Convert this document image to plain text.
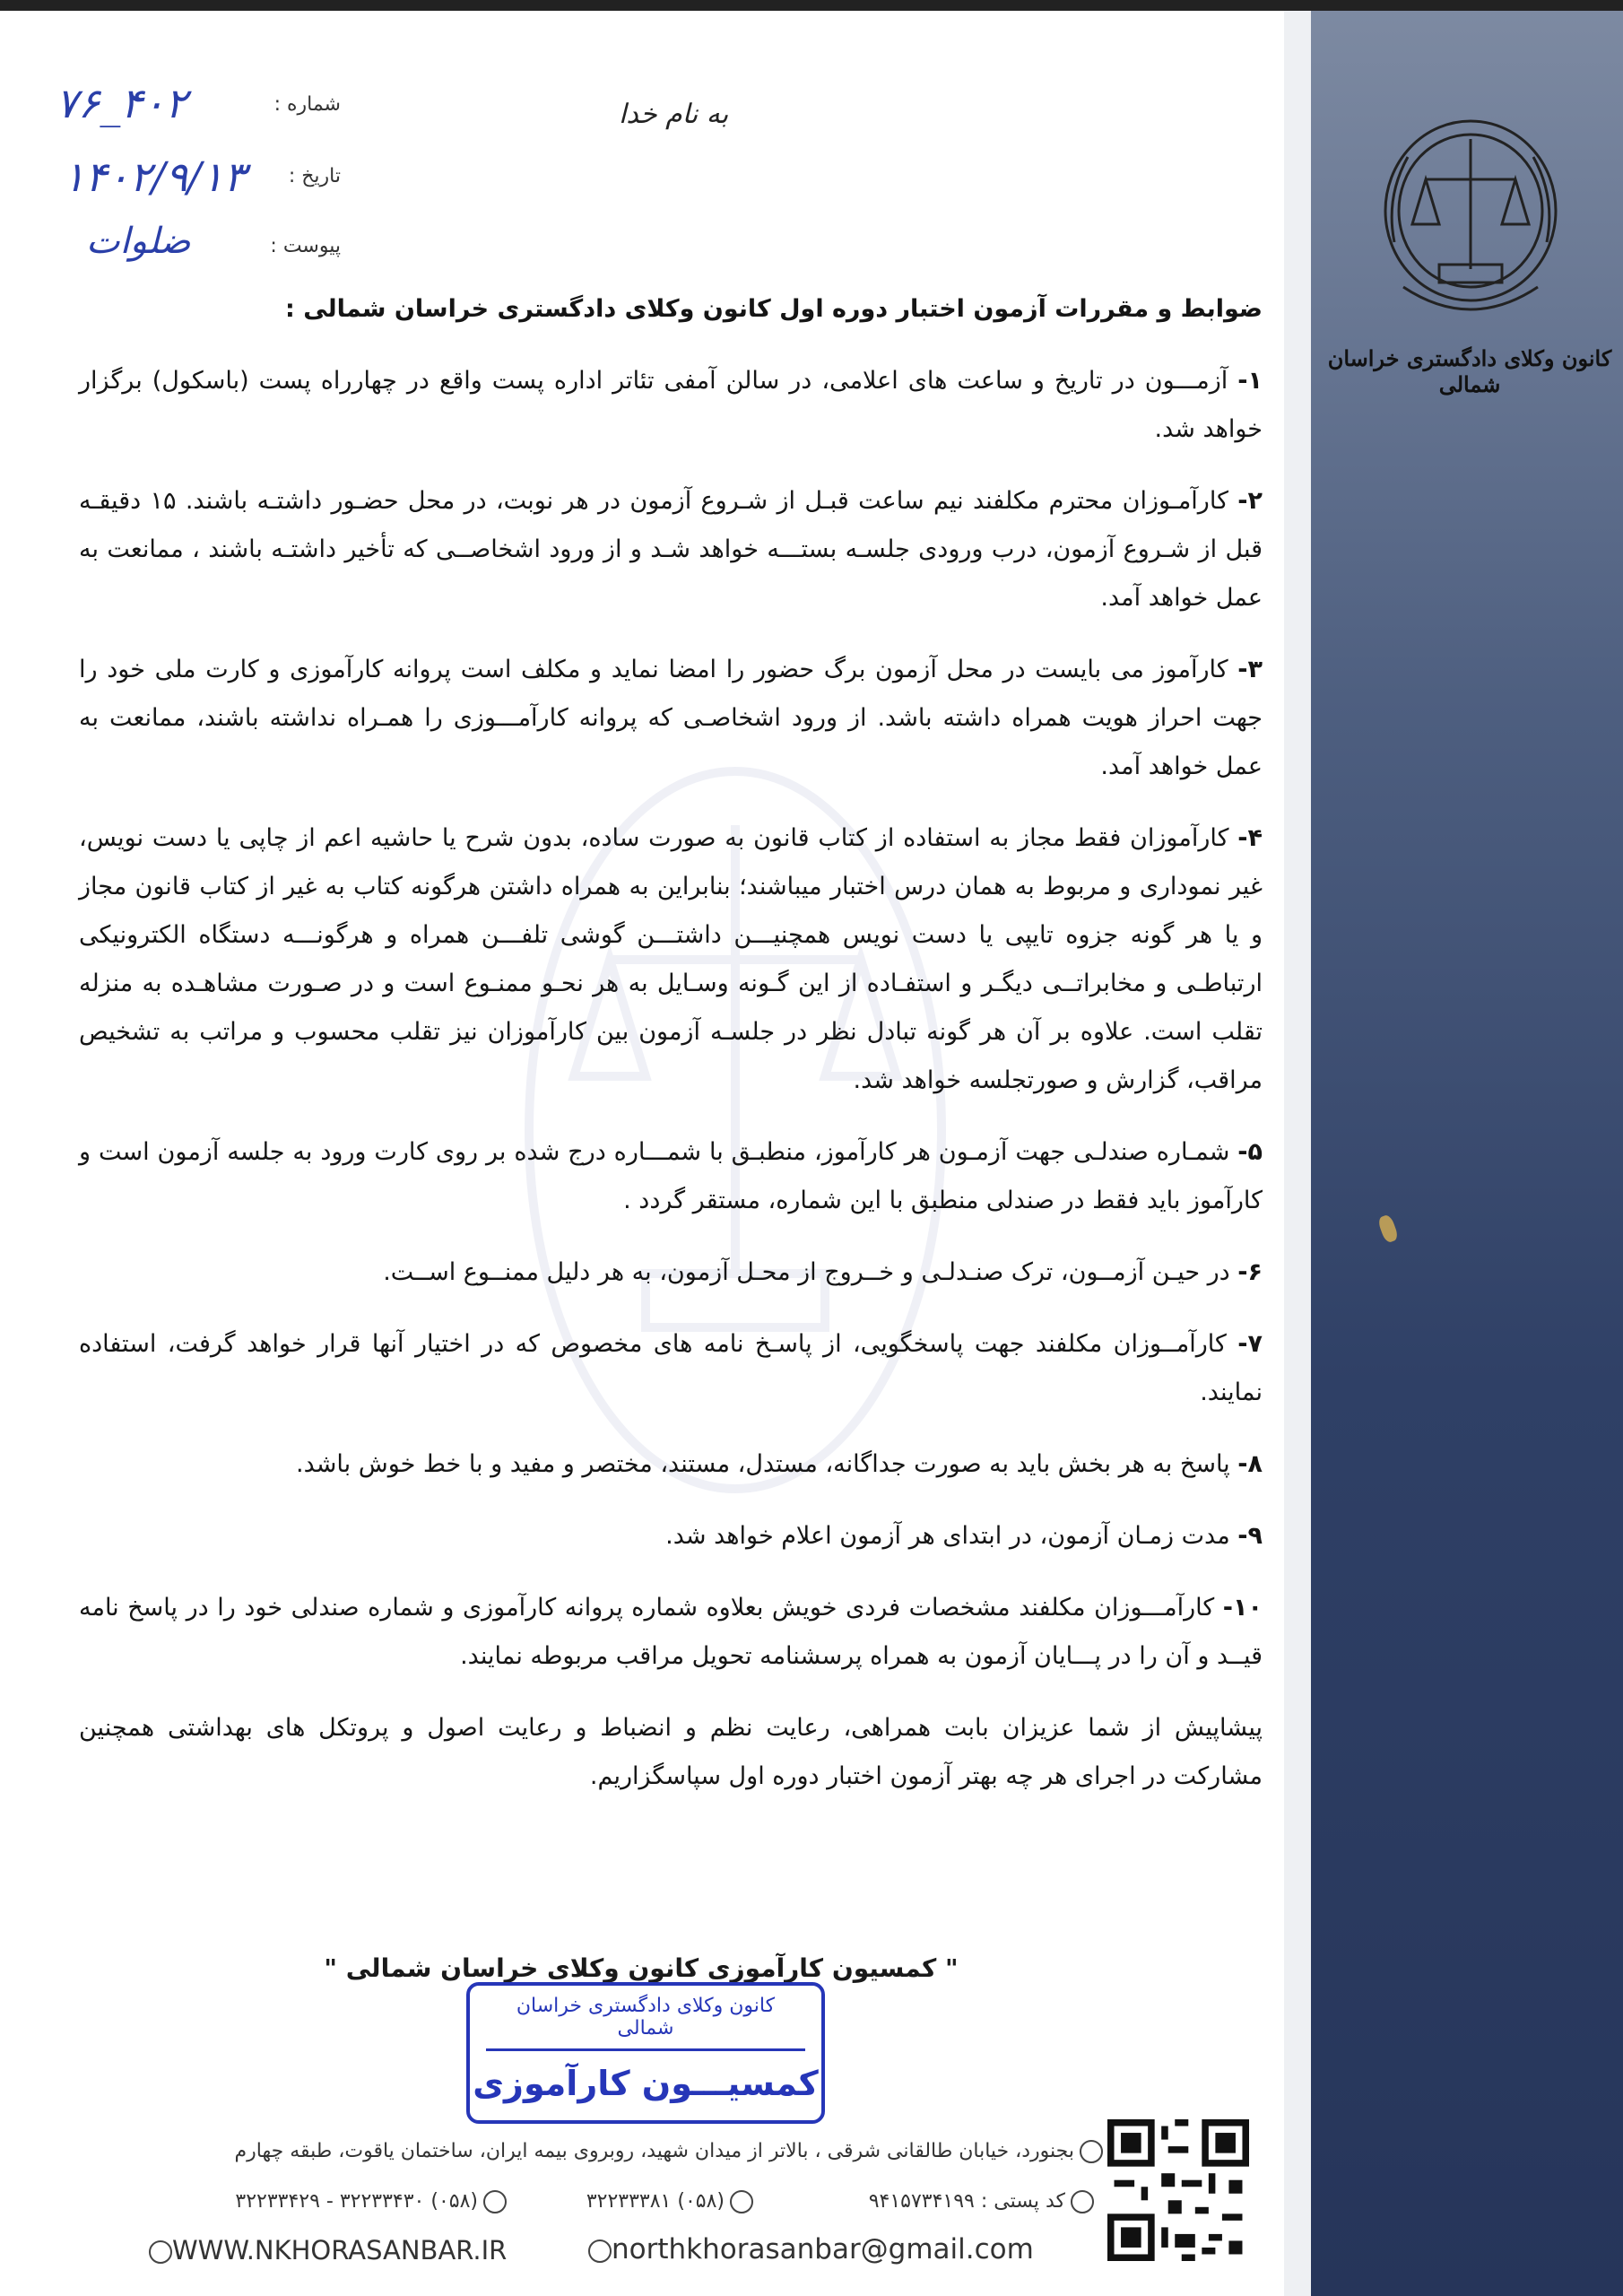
کانون وکلای دادگستری خراسان شمالی
به نام خدا
شماره :
۴۰۲_۷۶
تاریخ :
۱۴۰۲/۹/۱۳
پیوست :
ضلوات
ضوابط و مقررات آزمون اختبار دوره اول کانون وکلای دادگستری خراسان شمالی :

۱- آزمـــون در تاریخ و ساعت های اعلامی، در سالن آمفی تئاتر اداره پست واقع در چهارراه پست (باسکول) برگزار خواهد شد.

۲- کارآمـوزان محترم مکلفند نیم ساعت قبـل از شـروع آزمون در هر نوبت، در محل حضـور داشتـه باشند. ۱۵ دقیقـه قبل از شـروع آزمون، درب ورودی جلسـه بستـــه خواهد شـد و از ورود اشخاصــی که تأخیر داشتـه باشند ، ممانعت به عمل خواهد آمد.

۳- کارآموز می بایست در محل آزمون برگ حضور را امضا نماید و مکلف است پروانه کارآموزی و کارت ملی خود را جهت احراز هویت همراه داشته باشد. از ورود اشخاصـی که پروانه کارآمـــوزی را همـراه نداشته باشند، ممانعت به عمل خواهد آمد.

۴- کارآموزان فقط مجاز به استفاده از کتاب قانون به صورت ساده، بدون شرح یا حاشیه اعم از چاپی یا دست نویس، غیر نموداری و مربوط به همان درس اختبار میباشند؛ بنابراین به همراه داشتن هرگونه کتاب به غیر از کتاب قانون مجاز و یا هر گونه جزوه تایپی یا دست نویس همچنیـــن داشتـــن گوشی تلفـــن همراه و هرگونـــه دستگاه الکترونیکی ارتباطـی و مخابراتــی دیگـر و استفـاده از این گـونه وسـایل به هر نحـو ممنـوع است و در صـورت مشاهـده به منزله تقلب است. علاوه بر آن هر گونه تبادل نظر در جلسـه آزمون بین کارآموزان نیز تقلب محسوب و مراتب به تشخیص مراقب، گزارش و صورتجلسه خواهد شد.

۵- شمـاره صندلـی جهت آزمـون هر کارآموز، منطبـق با شمـــاره درج شده بر روی کارت ورود به جلسه آزمون است و کارآموز باید فقط در صندلی منطبق با این شماره، مستقر گردد .

۶- در حیـن آزمــون، ترک صنـدلـی و خــروج از محـل آزمون، به هر دلیل ممنــوع اســت.

۷- کارآمــوزان مکلفند جهت پاسخگویی، از پاسـخ نامه های مخصوص که در اختیار آنها قرار خواهد گرفت، استفاده نمایند.

۸- پاسخ به هر بخش باید به صورت جداگانه، مستدل، مستند، مختصر و مفید و با خط خوش باشد.

۹- مدت زمـان آزمون، در ابتدای هر آزمون اعلام خواهد شد.

۱۰- کارآمـــوزان مکلفند مشخصات فردی خویش بعلاوه شماره پروانه کارآموزی و شماره صندلی خود را در پاسخ نامه قیــد و آن را در پـــایان آزمون به همراه پرسشنامه تحویل مراقب مربوطه نمایند.

پیشاپیش از شما عزیزان بابت همراهی، رعایت نظم و انضباط و رعایت اصول و پروتکل های بهداشتی همچنین مشارکت در اجرای هر چه بهتر آزمون اختبار دوره اول سپاسگزاریم.

" کمسیون کارآموزی کانون وکلای خراسان شمالی "
کانون وکلای دادگستری خراسان شمالی
کمسیـــون کارآموزی
بجنورد، خیابان طالقانی شرقی ، بالاتر از میدان شهید، روبروی بیمه ایران، ساختمان یاقوت، طبقه چهارم
کد پستی : ۹۴۱۵۷۳۴۱۹۹
(۰۵۸) ۳۲۲۳۳۳۸۱
(۰۵۸) ۳۲۲۳۳۴۳۰ - ۳۲۲۳۳۴۲۹
northkhorasanbar@gmail.com
WWW.NKHORASANBAR.IR
